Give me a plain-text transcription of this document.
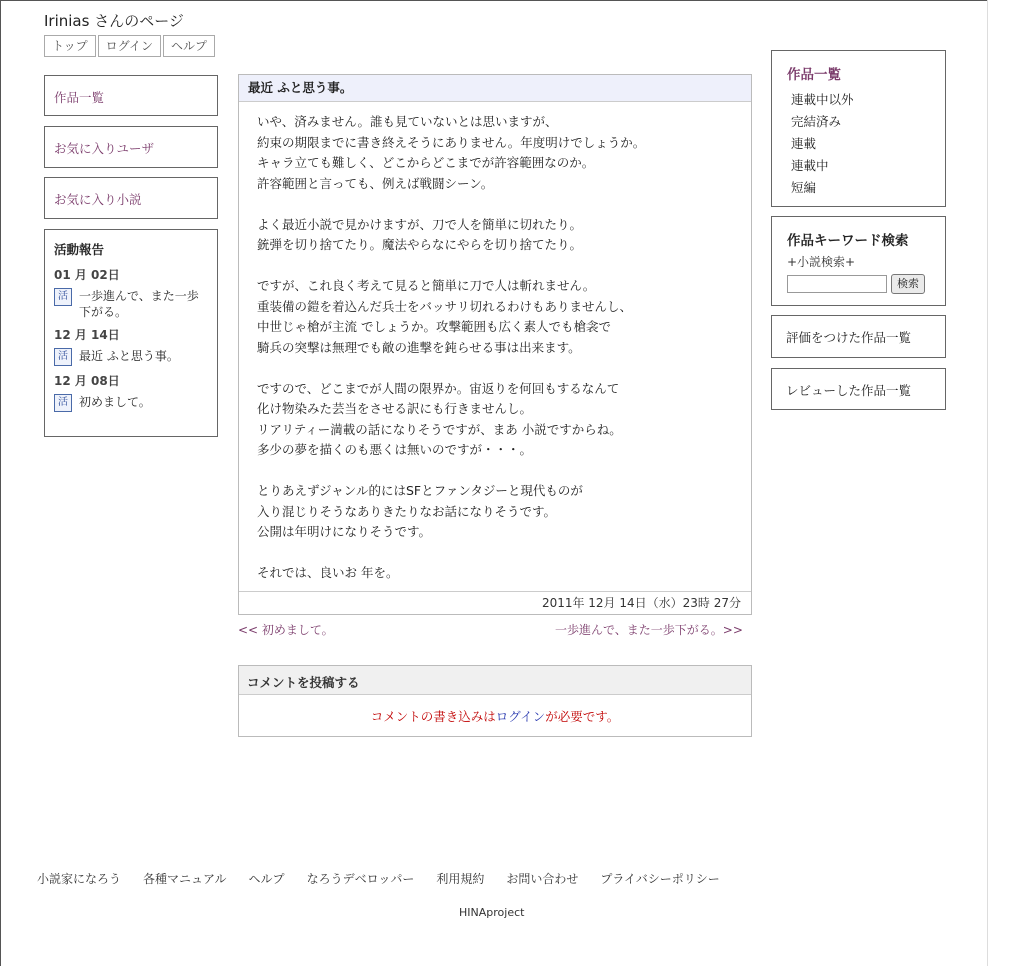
Irinias さんのページ
トップ	ログイン	ヘルプ
作品一覧
お気に入りユーザ
お気に入り小説
活動報告
01 月 02日
活 一歩進んで、また一歩下がる。
12 月 14日
活 最近 ふと思う事。
12 月 08日
活 初めまして。
最近 ふと思う事。

いや、済みません。誰も見ていないとは思いますが、
約束の期限までに書き終えそうにありません。年度明けでしょうか。
キャラ立ても難しく、どこからどこまでが許容範囲なのか。
許容範囲と言っても、例えば戦闘シーン。

よく最近小説で見かけますが、刀で人を簡単に切れたり。
銃弾を切り捨てたり。魔法やらなにやらを切り捨てたり。

ですが、これ良く考えて見ると簡単に刀で人は斬れません。
重装備の鎧を着込んだ兵士をバッサリ切れるわけもありませんし、
中世じゃ槍が主流 でしょうか。攻撃範囲も広く素人でも槍衾で
騎兵の突撃は無理でも敵の進撃を鈍らせる事は出来ます。

ですので、どこまでが人間の限界か。宙返りを何回もするなんて
化け物染みた芸当をさせる訳にも行きませんし。
リアリティー満載の話になりそうですが、まあ 小説ですからね。
多少の夢を描くのも悪くは無いのですが・・・。

とりあえずジャンル的にはSFとファンタジーと現代ものが
入り混じりそうなありきたりなお話になりそうです。
公開は年明けになりそうです。

それでは、良いお 年を。

2011年 12月 14日（水）23時 27分
<< 初めまして。	一歩進んで、また一歩下がる。>>
コメントを投稿する
コメントの書き込みはログインが必要です。
作品一覧
連載中以外
完結済み
連載
連載中
短編
作品キーワード検索
+小説検索+
検索
評価をつけた作品一覧
レビューした作品一覧
小説家になろう 各種マニュアル ヘルプ なろうデベロッパー 利用規約 お問い合わせ プライバシーポリシー
HINAproject
